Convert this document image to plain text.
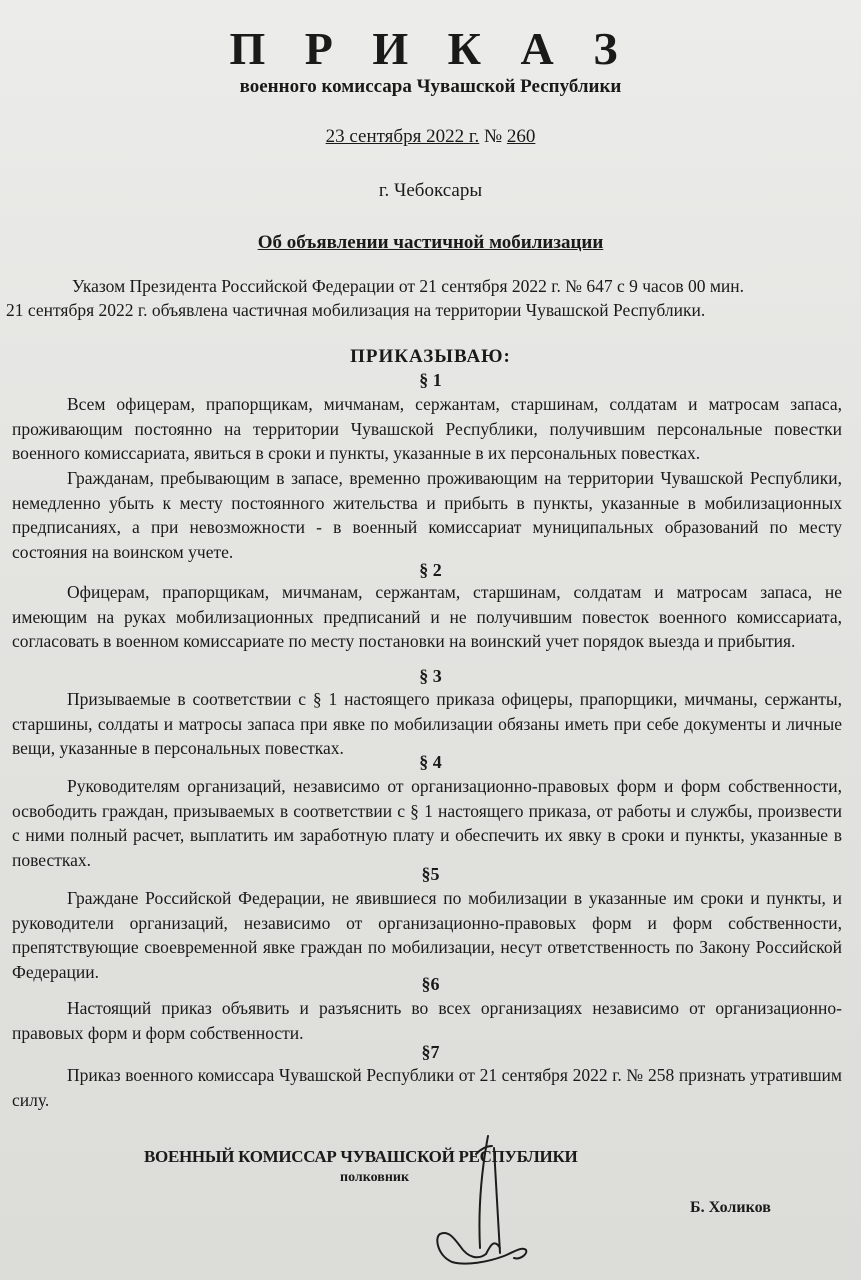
П Р И К А З
военного комиссара Чувашской Республики
23 сентября 2022 г. № 260
г. Чебоксары
Об объявлении частичной мобилизации
Указом Президента Российской Федерации от 21 сентября 2022 г. № 647 с 9 часов 00 мин.
21 сентября 2022 г. объявлена частичная мобилизация на территории Чувашской Республики.
ПРИКАЗЫВАЮ:
§ 1
Всем офицерам, прапорщикам, мичманам, сержантам, старшинам, солдатам и матросам запаса, проживающим постоянно на территории Чувашской Республики, получившим персональные повестки военного комиссариата, явиться в сроки и пункты, указанные в их персональных повестках.
Гражданам, пребывающим в запасе, временно проживающим на территории Чувашской Республики, немедленно убыть к месту постоянного жительства и прибыть в пункты, указанные в мобилизационных предписаниях, а при невозможности - в военный комиссариат муниципальных образований по месту состояния на воинском учете.
§ 2
Офицерам, прапорщикам, мичманам, сержантам, старшинам, солдатам и матросам запаса, не имеющим на руках мобилизационных предписаний и не получившим повесток военного комиссариата, согласовать в военном комиссариате по месту постановки на воинский учет порядок выезда и прибытия.
§ 3
Призываемые в соответствии с § 1 настоящего приказа офицеры, прапорщики, мичманы, сержанты, старшины, солдаты и матросы запаса при явке по мобилизации обязаны иметь при себе документы и личные вещи, указанные в персональных повестках.
§ 4
Руководителям организаций, независимо от организационно-правовых форм и форм собственности, освободить граждан, призываемых в соответствии с § 1 настоящего приказа, от работы и службы, произвести с ними полный расчет, выплатить им заработную плату и обеспечить их явку в сроки и пункты, указанные в повестках.
§5
Граждане Российской Федерации, не явившиеся по мобилизации в указанные им сроки и пункты, и руководители организаций, независимо от организационно-правовых форм и форм собственности, препятствующие своевременной явке граждан по мобилизации, несут ответственность по Закону Российской Федерации.
§6
Настоящий приказ объявить и разъяснить во всех организациях независимо от организационно-правовых форм и форм собственности.
§7
Приказ военного комиссара Чувашской Республики от 21 сентября 2022 г. № 258 признать утратившим силу.
ВОЕННЫЙ КОМИССАР ЧУВАШСКОЙ РЕСПУБЛИКИ
полковник
Б. Холиков
